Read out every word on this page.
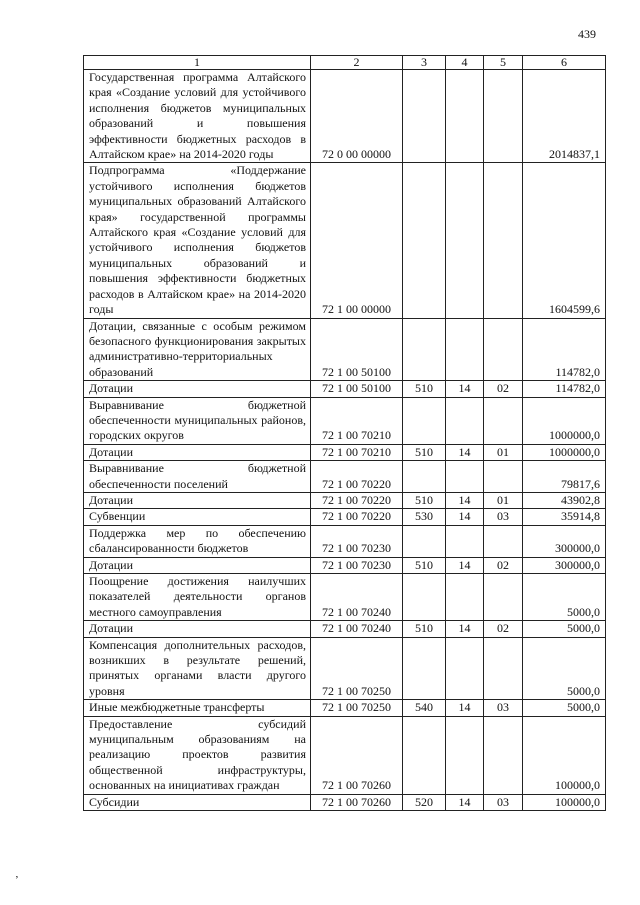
439
1	2	3	4	5	6
Государственная программа Алтайского края «Создание условий для устойчивого исполнения бюджетов муниципальных образований и повышения эффективности бюджетных расходов в Алтайском крае» на 2014-2020 годы	72 0 00 00000				2014837,1
Подпрограмма «Поддержание устойчивого исполнения бюджетов муниципальных образований Алтайского края» государственной программы Алтайского края «Создание условий для устойчивого исполнения бюджетов муниципальных образований и повышения эффективности бюджетных расходов в Алтайском крае» на 2014-2020 годы	72 1 00 00000				1604599,6
Дотации, связанные с особым режимом безопасного функционирования закрытых административно-территориальных образований	72 1 00 50100				114782,0
Дотации	72 1 00 50100	510	14	02	114782,0
Выравнивание бюджетной обеспеченности муниципальных районов, городских округов	72 1 00 70210				1000000,0
Дотации	72 1 00 70210	510	14	01	1000000,0
Выравнивание бюджетной обеспеченности поселений	72 1 00 70220				79817,6
Дотации	72 1 00 70220	510	14	01	43902,8
Субвенции	72 1 00 70220	530	14	03	35914,8
Поддержка мер по обеспечению сбалансированности бюджетов	72 1 00 70230				300000,0
Дотации	72 1 00 70230	510	14	02	300000,0
Поощрение достижения наилучших показателей деятельности органов местного самоуправления	72 1 00 70240				5000,0
Дотации	72 1 00 70240	510	14	02	5000,0
Компенсация дополнительных расходов, возникших в результате решений, принятых органами власти другого уровня	72 1 00 70250				5000,0
Иные межбюджетные трансферты	72 1 00 70250	540	14	03	5000,0
Предоставление субсидий муниципальным образованиям на реализацию проектов развития общественной инфраструктуры, основанных на инициативах граждан	72 1 00 70260				100000,0
Субсидии	72 1 00 70260	520	14	03	100000,0
ʼ
